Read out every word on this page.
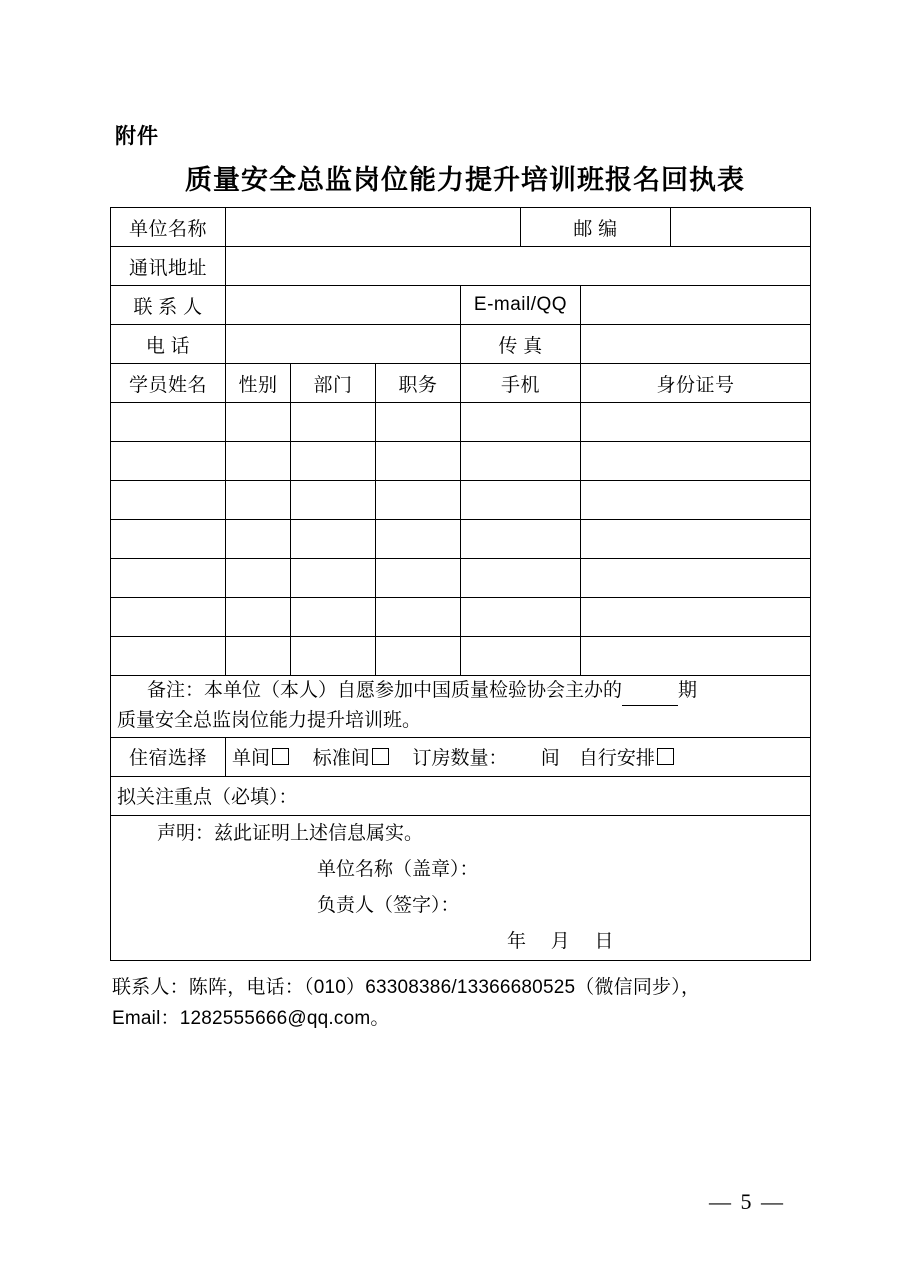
附件
质量安全总监岗位能力提升培训班报名回执表
单位名称					邮 编		
通讯地址							
联 系 人				E-mail/QQ			
电 话				传 真			
学员姓名	性别	部门	职务	手机		身份证号	

备注：本单位（本人）自愿参加中国质量检验协会主办的 期
质量安全总监岗位能力提升培训班。							

住宿选择	单间 标准间 订房数量： 间 自行安排						
拟关注重点（必填）：							

声明：兹此证明上述信息属实。
单位名称（盖章）：
负责人（签字）：
年 月 日							
联系人：陈阵，电话：（010）63308386/13366680525（微信同步），
Email：1282555666@qq.com。
— 5 —
